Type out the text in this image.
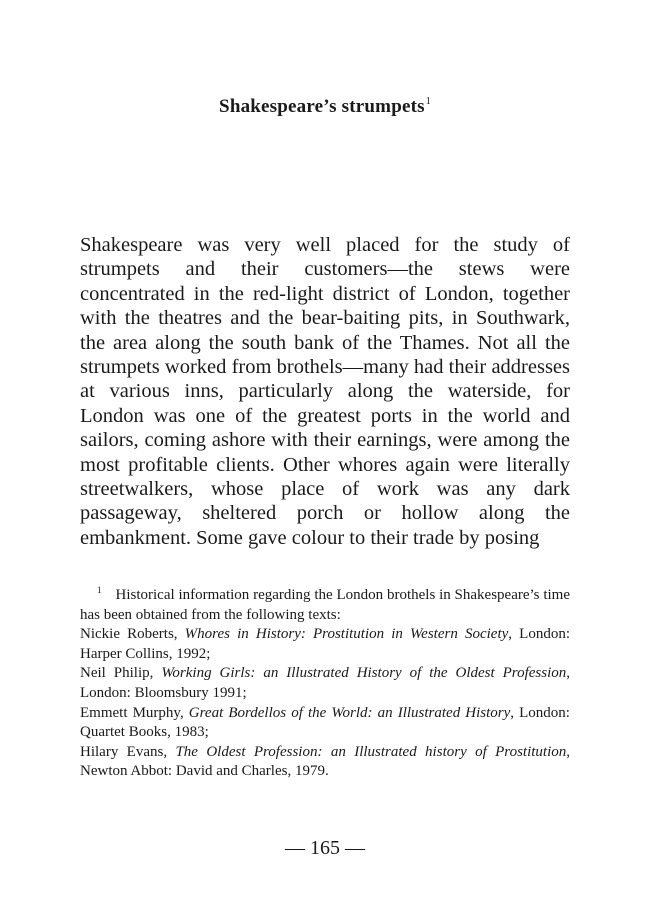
Shakespeare’s strumpets$^1$

Shakespeare was very well placed for the study of strumpets and their customers—the stews were concentrated in the red-light district of London, together with the theatres and the bear-baiting pits, in Southwark, the area along the south bank of the Thames. Not all the strumpets worked from brothels—many had their addresses at various inns, particularly along the waterside, for London was one of the greatest ports in the world and sailors, coming ashore with their earnings, were among the most profitable clients. Other whores again were literally streetwalkers, whose place of work was any dark passageway, sheltered porch or hollow along the embankment. Some gave colour to their trade by posing

$^1$ Historical information regarding the London brothels in Shakespeare’s time has been obtained from the following texts:
Nickie Roberts, Whores in History: Prostitution in Western Society, London: Harper Collins, 1992;
Neil Philip, Working Girls: an Illustrated History of the Oldest Profession, London: Bloomsbury 1991;
Emmett Murphy, Great Bordellos of the World: an Illustrated History, London: Quartet Books, 1983;
Hilary Evans, The Oldest Profession: an Illustrated history of Prostitution, Newton Abbot: David and Charles, 1979.
— 165 —
